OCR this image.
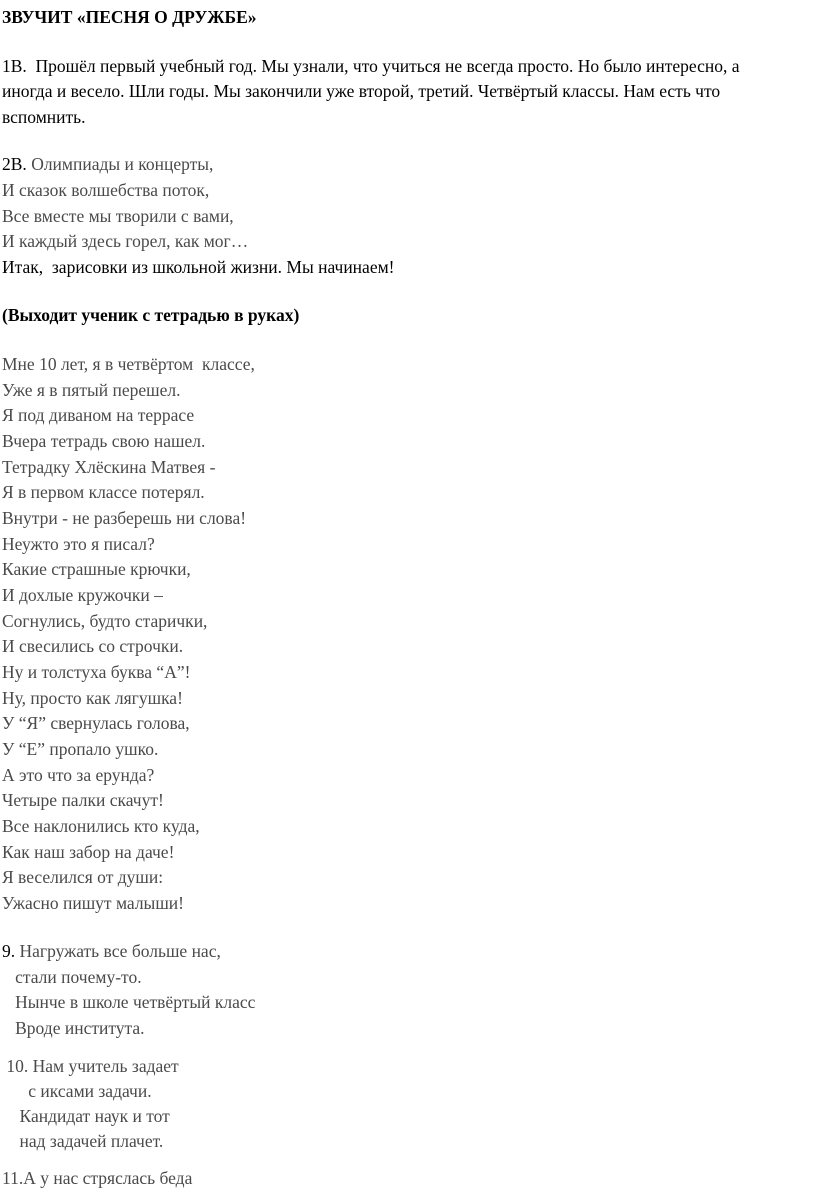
ЗВУЧИТ «ПЕСНЯ О ДРУЖБЕ»

1В.  Прошёл первый учебный год. Мы узнали, что учиться не всегда просто. Но было интересно, а

иногда и весело. Шли годы. Мы закончили уже второй, третий. Четвёртый классы. Нам есть что

вспомнить.

2В. Олимпиады и концерты,

И сказок волшебства поток,

Все вместе мы творили с вами,

И каждый здесь горел, как мог…

Итак,  зарисовки из школьной жизни. Мы начинаем!

(Выходит ученик с тетрадью в руках)

Мне 10 лет, я в четвёртом  классе,

Уже я в пятый перешел.

Я под диваном на террасе

Вчера тетрадь свою нашел.

Тетрадку Хлёскина Матвея -

Я в первом классе потерял.

Внутри - не разберешь ни слова!

Неужто это я писал?

Какие страшные крючки,

И дохлые кружочки –

Согнулись, будто старички,

И свесились со строчки.

Ну и толстуха буква “А”!

Ну, просто как лягушка!

У “Я” свернулась голова,

У “Е” пропало ушко.

А это что за ерунда?

Четыре палки скачут!

Все наклонились кто куда,

Как наш забор на даче!

Я веселился от души:

Ужасно пишут малыши!

9. Нагружать все больше нас,

стали почему-то.

Нынче в школе четвёртый класс

Вроде института.

10. Нам учитель задает

с иксами задачи.

Кандидат наук и тот

над задачей плачет.

11.А у нас стряслась беда
